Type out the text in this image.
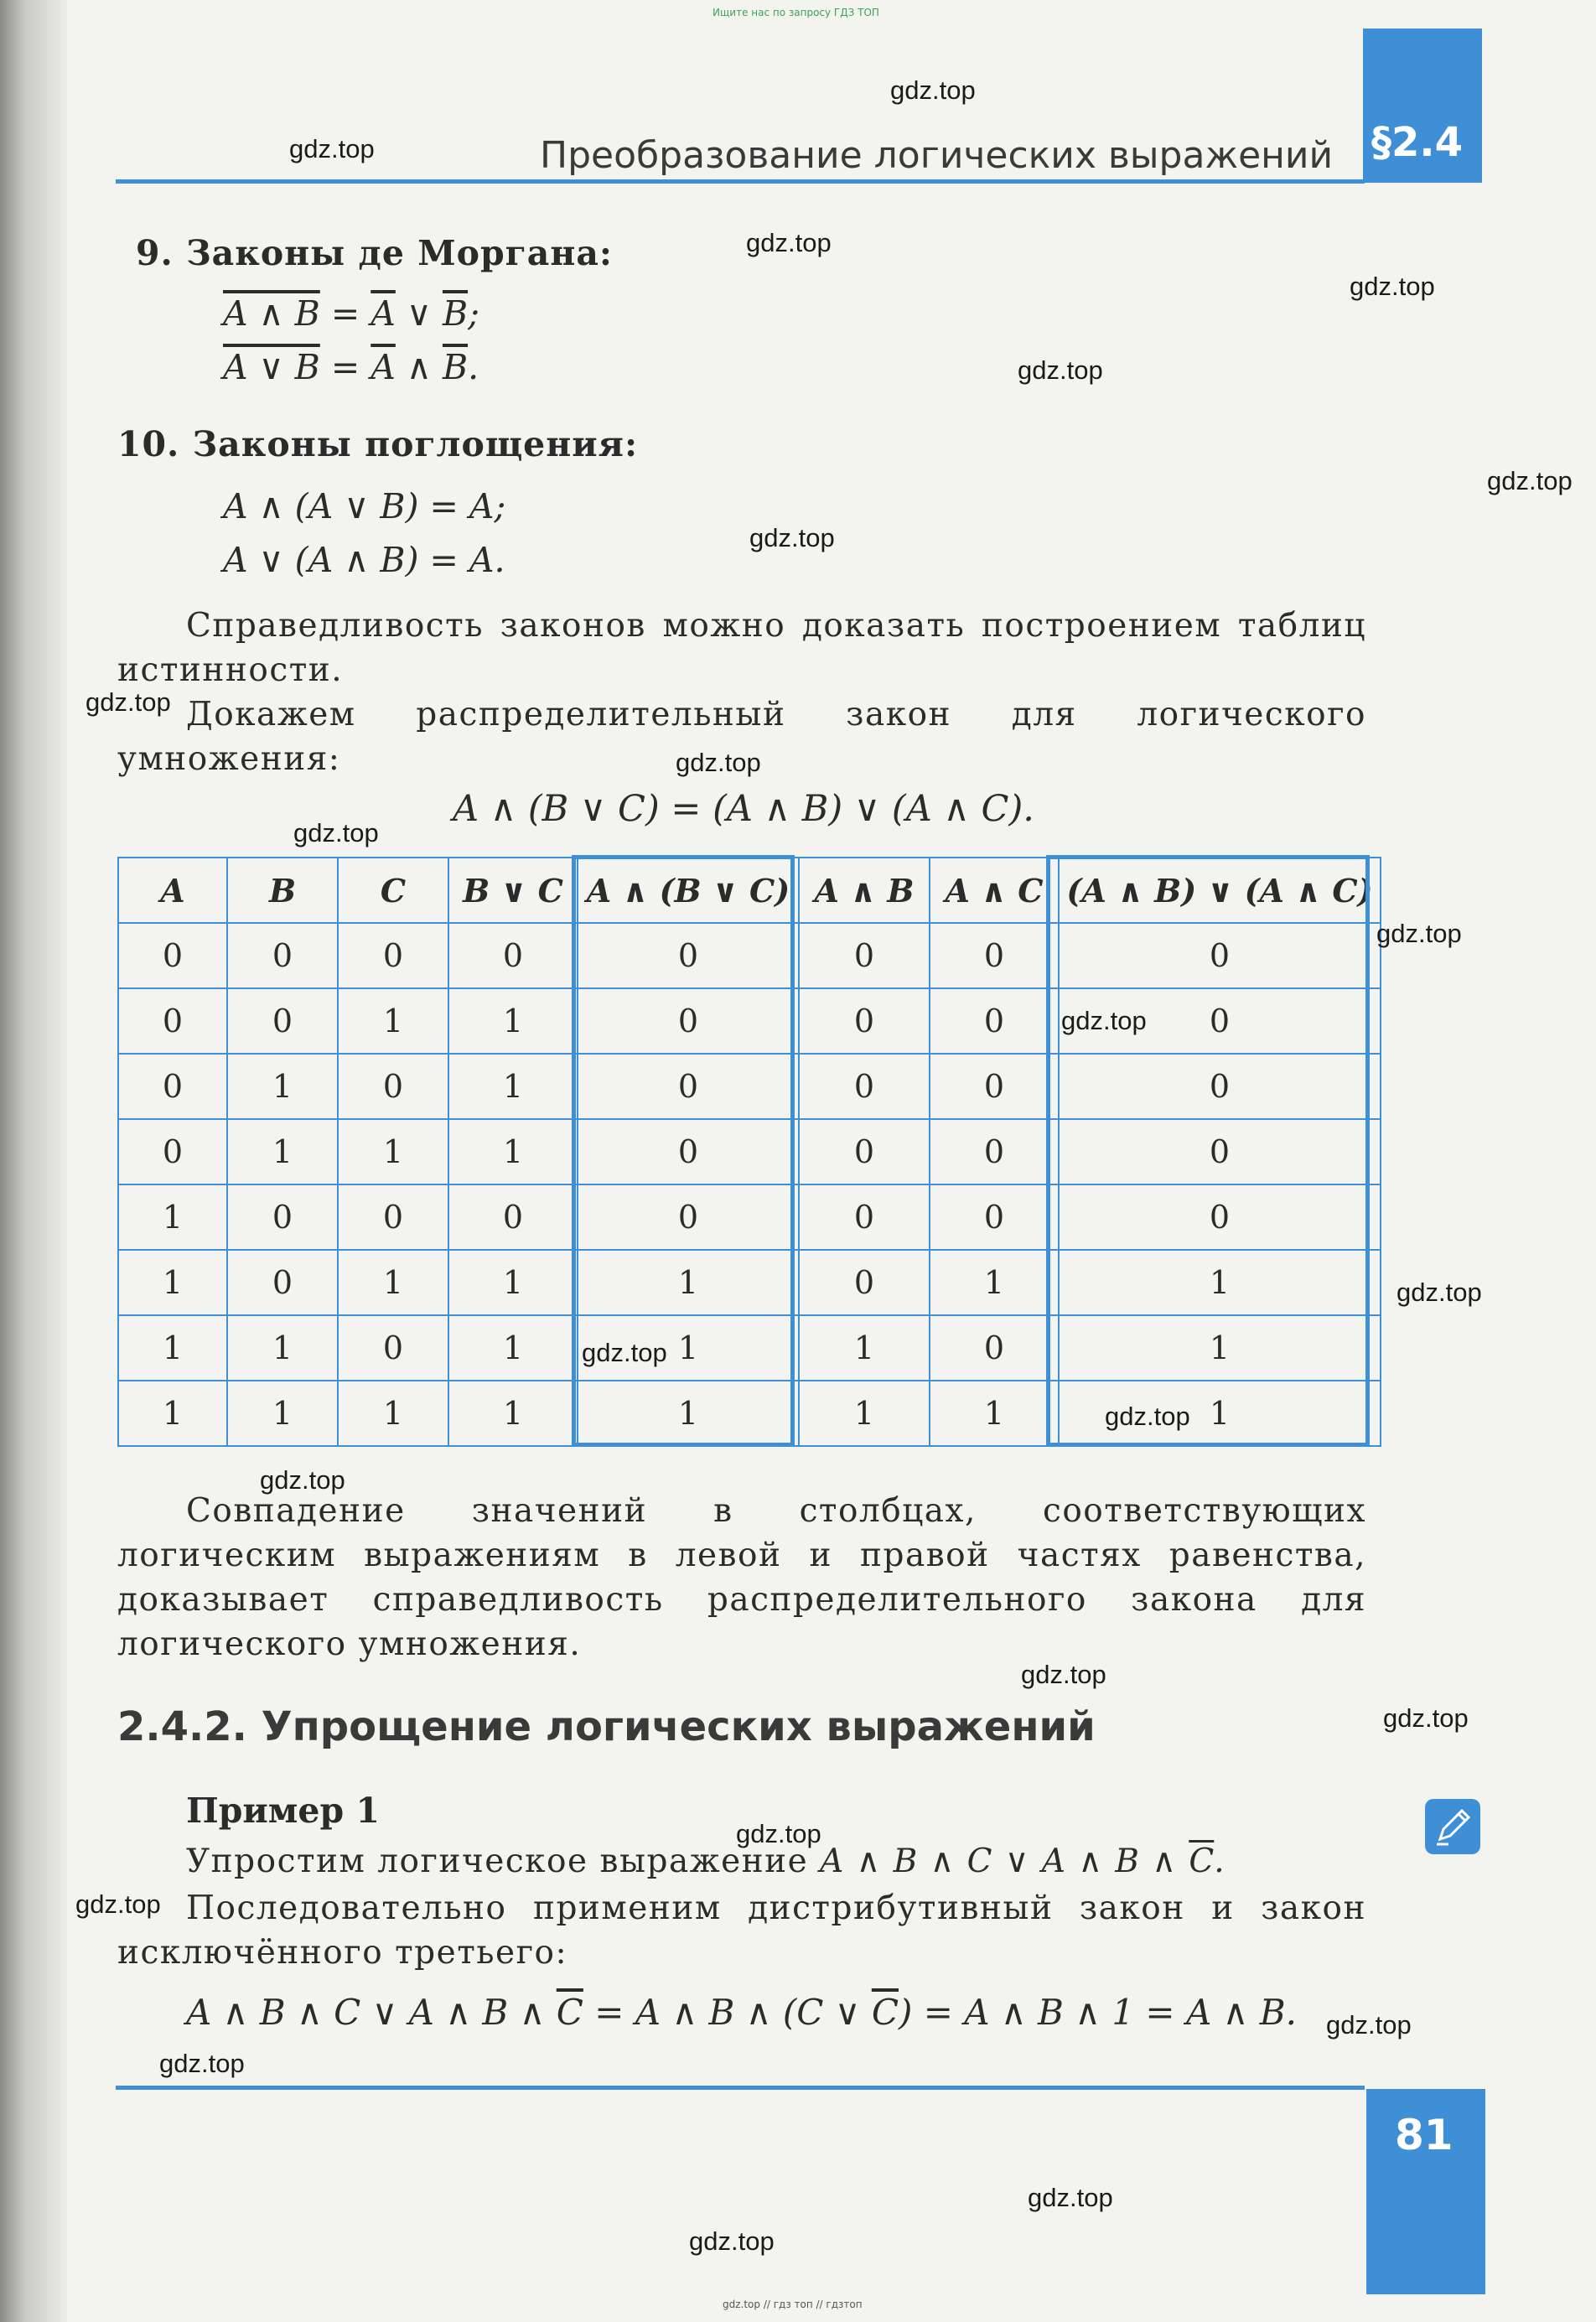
Ищите нас по запросу ГДЗ ТОП
§2.4
Преобразование логических выражений
9. Законы де Моргана:
A ∧ $B = \overline{A}$ ∨ $\overline{B}$;
A ∨ $B = \overline{A}$ ∧ $\overline{B}$.
10. Законы поглощения:
A ∧ (A ∨ B) = A;
A ∨ (A ∧ B) = A.
Справедливость законов можно доказать построением таблиц истинности.
Докажем распределительный закон для логического умножения:
A ∧ (B ∨ C) = (A ∧ B) ∨ (A ∧ C).
A	B	C	B ∨ C	A ∧ (B ∨ C)	A ∧ B	A ∧ C	(A ∧ B) ∨ (A ∧ C)
0	0	0	0	0	0	0	0
0	0	1	1	0	0	0	0
0	1	0	1	0	0	0	0
0	1	1	1	0	0	0	0
1	0	0	0	0	0	0	0
1	0	1	1	1	0	1	1
1	1	0	1	1	1	0	1
1	1	1	1	1	1	1	1
Совпадение значений в столбцах, соответствующих логическим выражениям в левой и правой частях равенства, доказывает справедливость распределительного закона для логического умножения.
2.4.2. Упрощение логических выражений
Пример 1
Упростим логическое выражение A ∧ B ∧ C ∨ A ∧ B ∧ $\overline{C}$.
Последовательно применим дистрибутивный закон и закон исключённого третьего:
A ∧ B ∧ C ∨ A ∧ B ∧ $\overline{C} = A$ ∧ B ∧ (C ∨ $\overline{C}) = A$ ∧ B ∧ 1 = A ∧ B.
81
gdz.top // гдз топ // гдзтоп
gdz.top
gdz.top
gdz.top
gdz.top
gdz.top
gdz.top
gdz.top
gdz.top
gdz.top
gdz.top
gdz.top
gdz.top
gdz.top
gdz.top
gdz.top
gdz.top
gdz.top
gdz.top
gdz.top
gdz.top
gdz.top
gdz.top
gdz.top
gdz.top
